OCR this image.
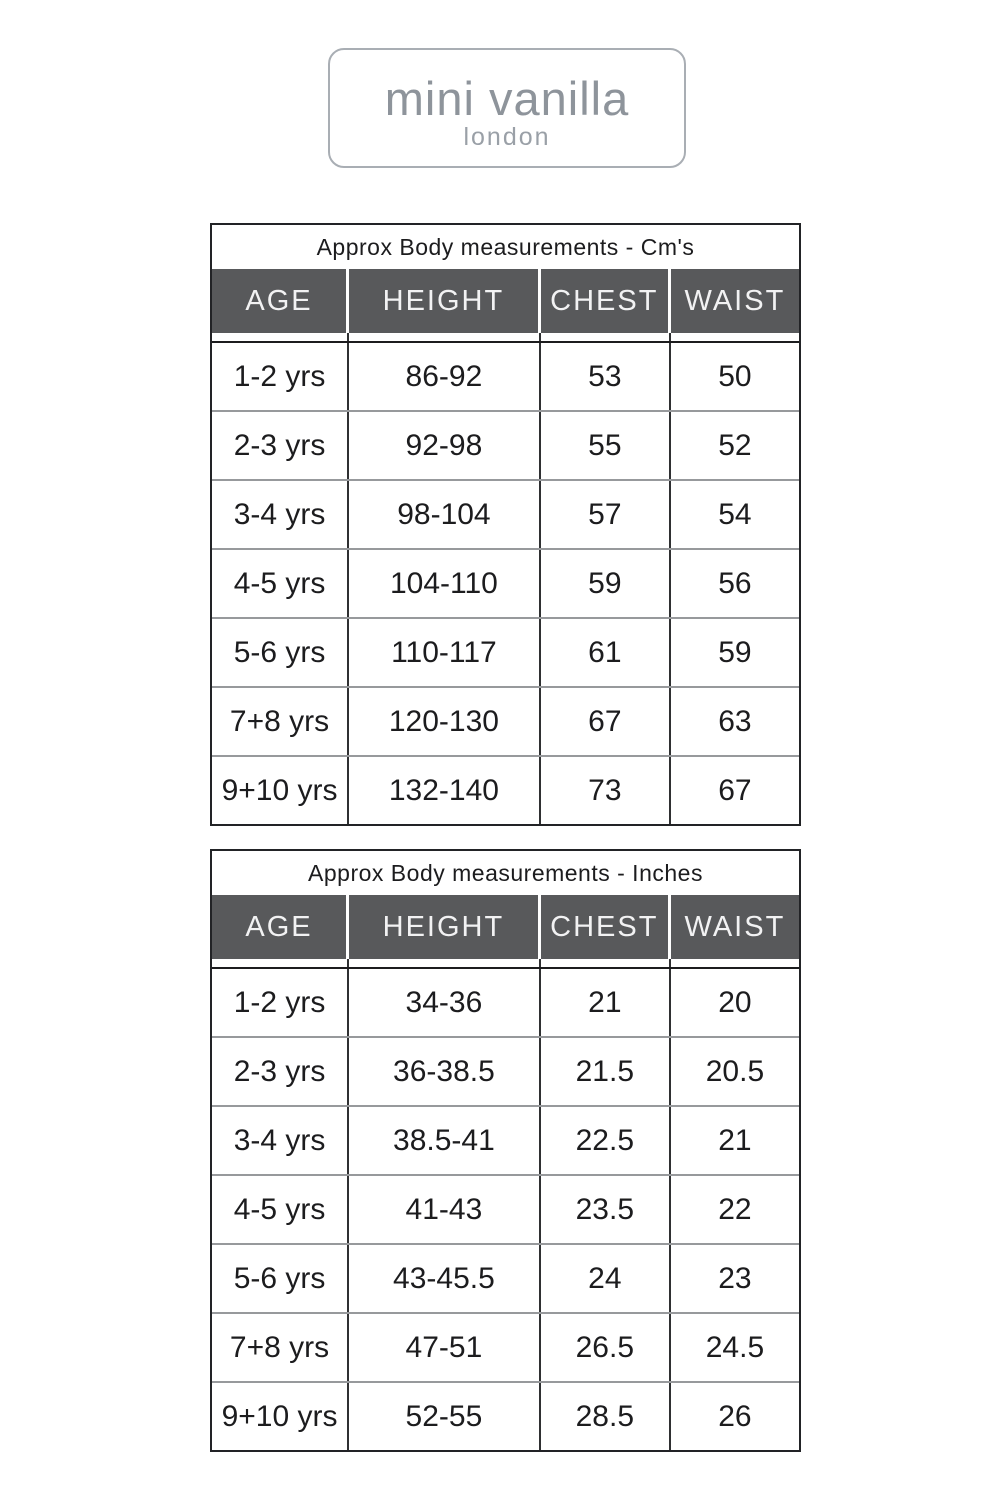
mini vanilla
london
Approx Body measurements - Cm's
AGE	HEIGHT	CHEST WAIST
1-2 yrs	86-92	53	50
2-3 yrs	92-98	55	52
3-4 yrs	98-104	57	54
4-5 yrs	104-110	59	56
5-6 yrs	110-117	61	59
7+8 yrs	120-130	67	63
9+10 yrs	132-140	73	67
Approx Body measurements - Inches
AGE	HEIGHT	CHEST WAIST
1-2 yrs	34-36	21	20
2-3 yrs	36-38.5	21.5	20.5
3-4 yrs	38.5-41	22.5	21
4-5 yrs	41-43	23.5	22
5-6 yrs	43-45.5	24	23
7+8 yrs	47-51	26.5	24.5
9+10 yrs	52-55	28.5	26
